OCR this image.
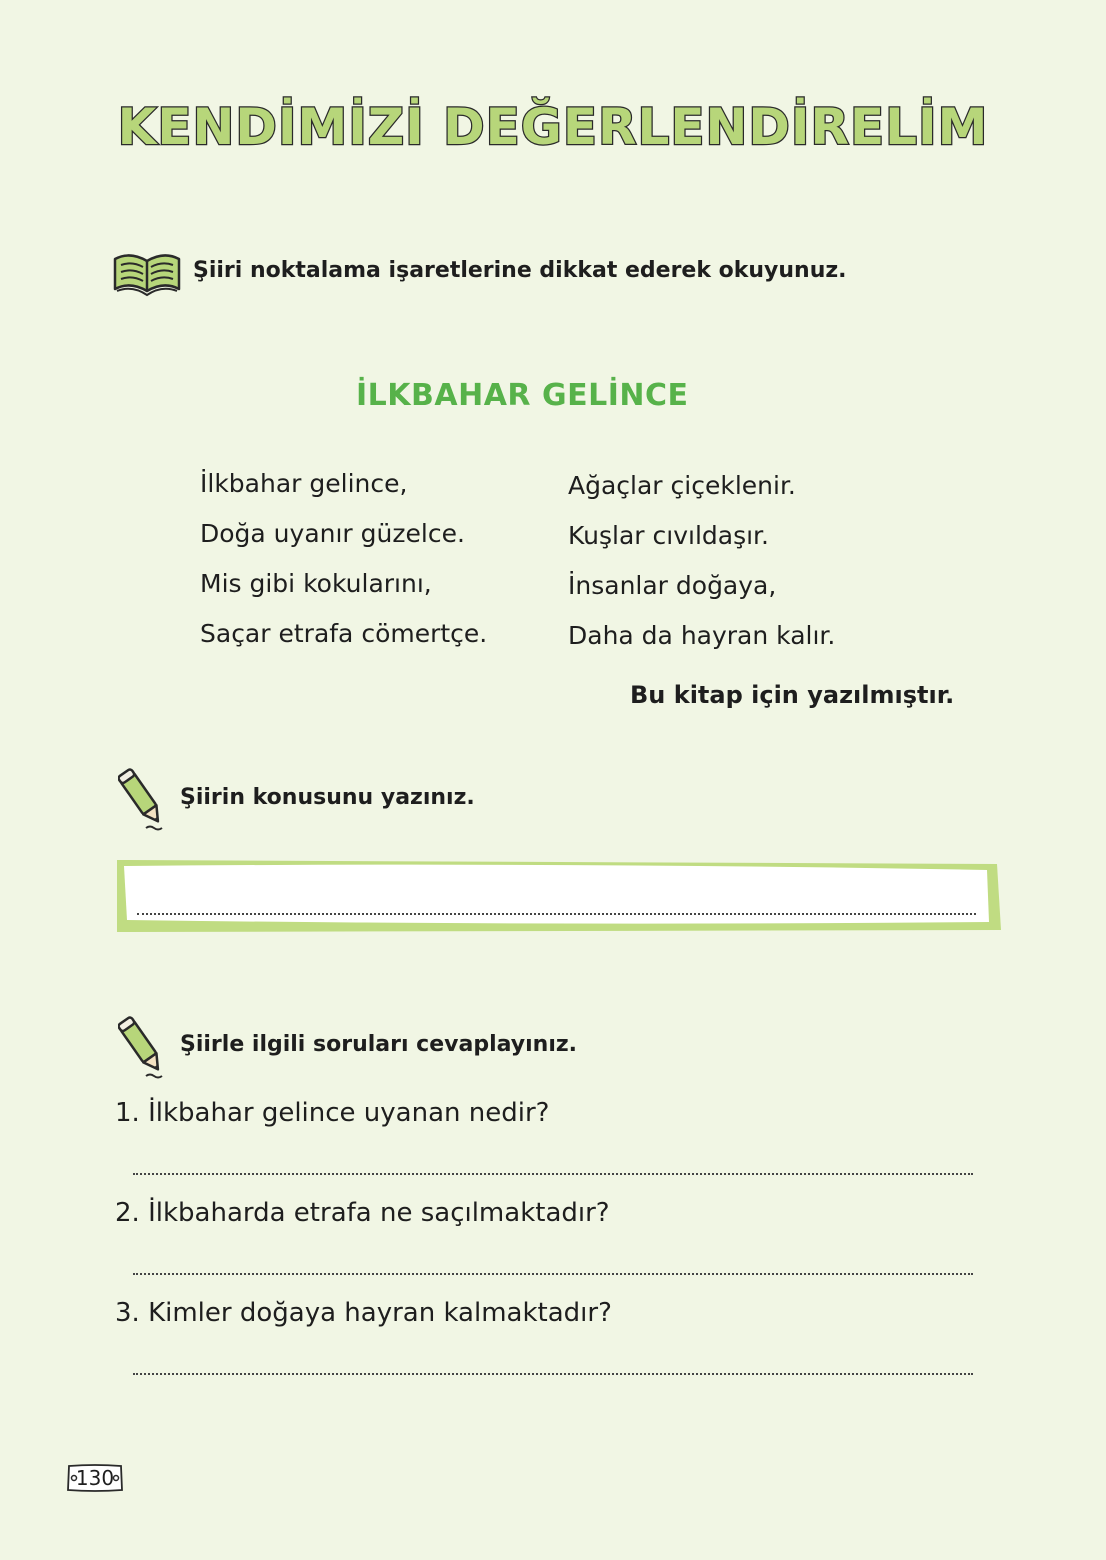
KENDİMİZİ DEĞERLENDİRELİM
Şiiri noktalama işaretlerine dikkat ederek okuyunuz.
İLKBAHAR GELİNCE
İlkbahar gelince,
Doğa uyanır güzelce.
Mis gibi kokularını,
Saçar etrafa cömertçe.
Ağaçlar çiçeklenir.
Kuşlar cıvıldaşır.
İnsanlar doğaya,
Daha da hayran kalır.
Bu kitap için yazılmıştır.
Şiirin konusunu yazınız.
Şiirle ilgili soruları cevaplayınız.
1. İlkbahar gelince uyanan nedir?
2. İlkbaharda etrafa ne saçılmaktadır?
3. Kimler doğaya hayran kalmaktadır?
130
